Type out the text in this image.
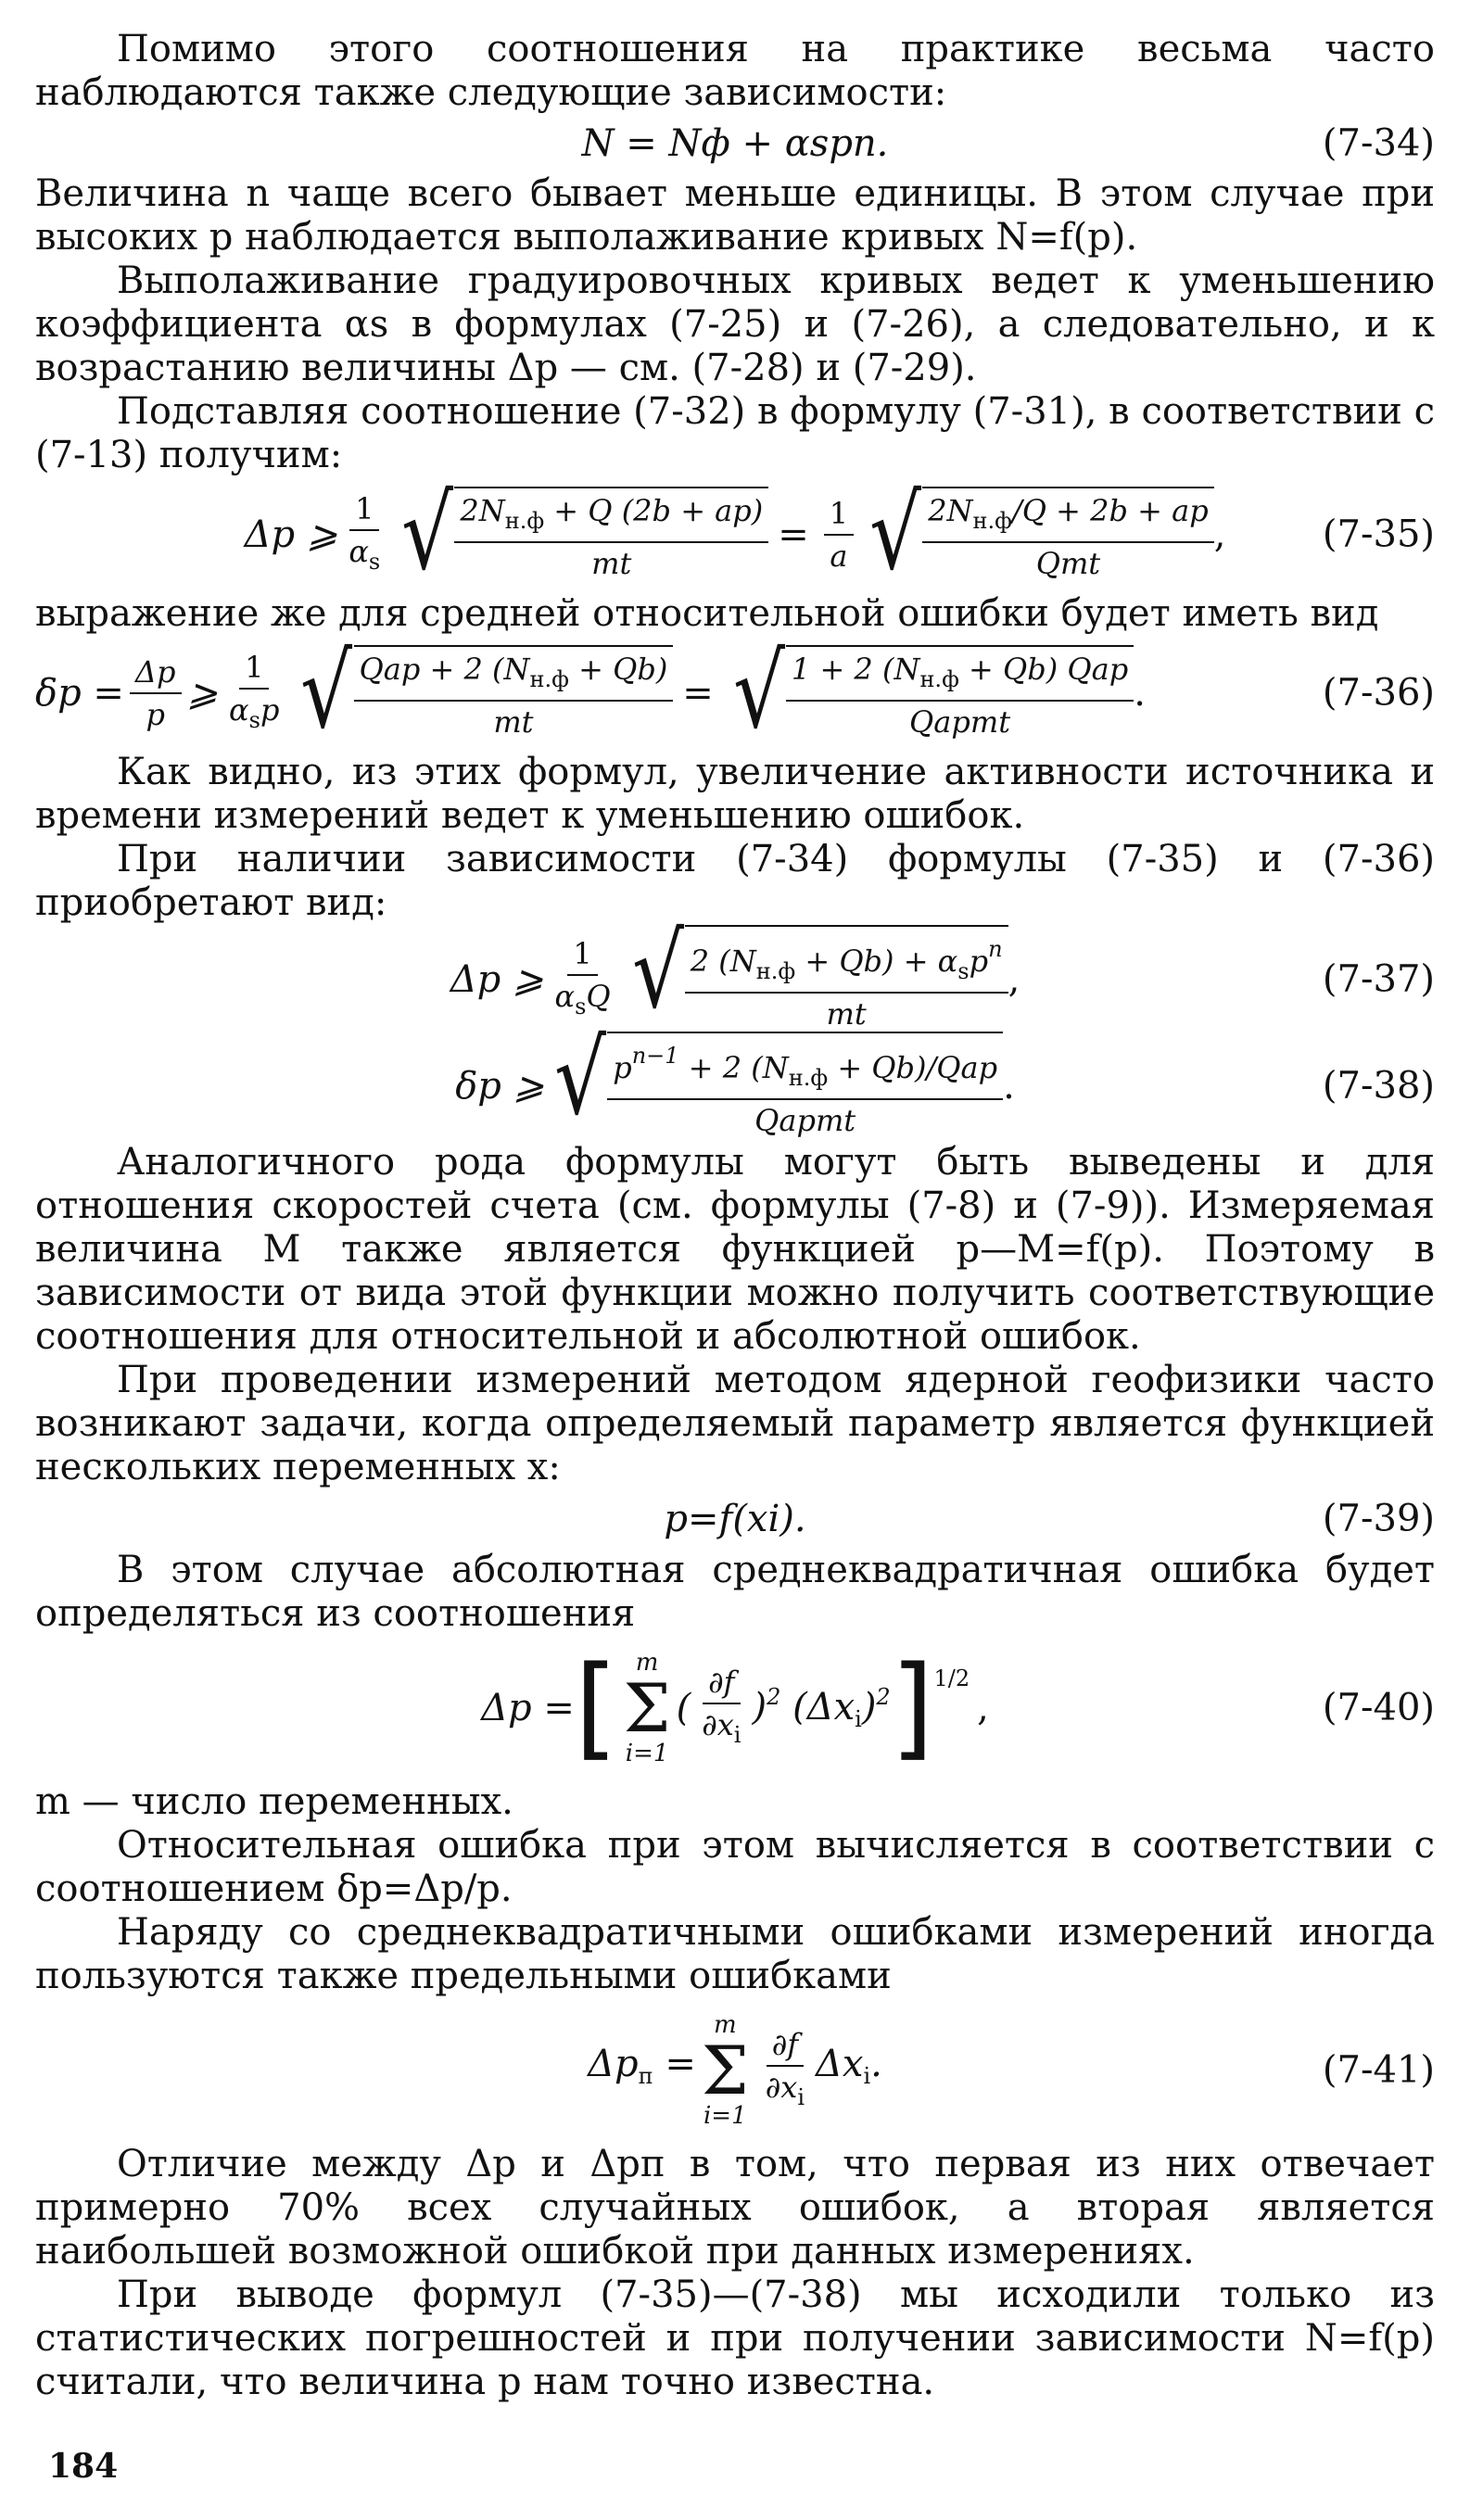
Помимо этого соотношения на практике весьма часто наблюдаются также следующие зависимости:

N = Nф + αspn.	(7-34)

Величина n чаще всего бывает меньше единицы. В этом случае при высоких p наблюдается выполаживание кривых N=f(p).

Выполаживание градуировочных кривых ведет к уменьшению коэффициента αs в формулах (7-25) и (7-26), а следовательно, и к возрастанию величины Δp — см. (7-28) и (7-29).

Подставляя соотношение (7-32) в формулу (7-31), в соответствии с (7-13) получим:

Δp ⩾ $\frac{1}{\alpha_s}$ √ $\frac{2N_{н.ф} + Q (2b + ap)}{mt} = \frac{1}{a}$ √ $\frac{2N_{н.ф}/Q + 2b + ap}{\text{Qmt}}$ ,	(7-35)

выражение же для средней относительной ошибки будет иметь вид

$\delta p = \frac{\Delta p}{p}$ ⩾ $\frac{1}{\alpha_sp}$ √ $\frac{Qap + 2 (N_{н.ф} + Qb)}{mt}$ = √ $\frac{1 + 2 (N_{н.ф} + Qb) Qap}{\text{Qapmt}}$ .	(7-36)

Как видно, из этих формул, увеличение активности источника и времени измерений ведет к уменьшению ошибок.

При наличии зависимости (7-34) формулы (7-35) и (7-36) приобретают вид:

Δp ⩾ $\frac{1}{\alpha_sQ}$ √ $\frac{2 (N_{н.ф} + Qb) + \alpha_sp^n}{mt}$ ,	(7-37)
δp ⩾ √ $\frac{p^{n-1} + 2 (N_{н.ф} + Qb)/Qap}{\text{Qapmt}}$ .	(7-38)

Аналогичного рода формулы могут быть выведены и для отношения скоростей счета (см. формулы (7-8) и (7-9)). Измеряемая величина M также является функцией p—M=f(p). Поэтому в зависимости от вида этой функции можно получить соответствующие соотношения для относительной и абсолютной ошибок.

При проведении измерений методом ядерной геофизики часто возникают задачи, когда определяемый параметр является функцией нескольких переменных x:

p=f(xi).	(7-39)

В этом случае абсолютная среднеквадратичная ошибка будет определяться из соотношения

Δp = [ m
Σ
i=1
( $\frac{\partial f}{\partial x_i} )^2$ $(\Delta x_i)^2$ ] 1/2
,	(7-40)

m — число переменных.

Относительная ошибка при этом вычисляется в соответствии с соотношением δp=Δp/p.

Наряду со среднеквадратичными ошибками измерений иногда пользуются также предельными ошибками

$\Delta p_п$ =
m
Σ
$i=1 \frac{\partial f}{\partial x_i} \Delta x_i$.	(7-41)

Отличие между Δp и Δpп в том, что первая из них отвечает примерно 70% всех случайных ошибок, а вторая является наибольшей возможной ошибкой при данных измерениях.

При выводе формул (7-35)—(7-38) мы исходили только из статистических погрешностей и при получении зависимости N=f(p) считали, что величина p нам точно известна.

184
